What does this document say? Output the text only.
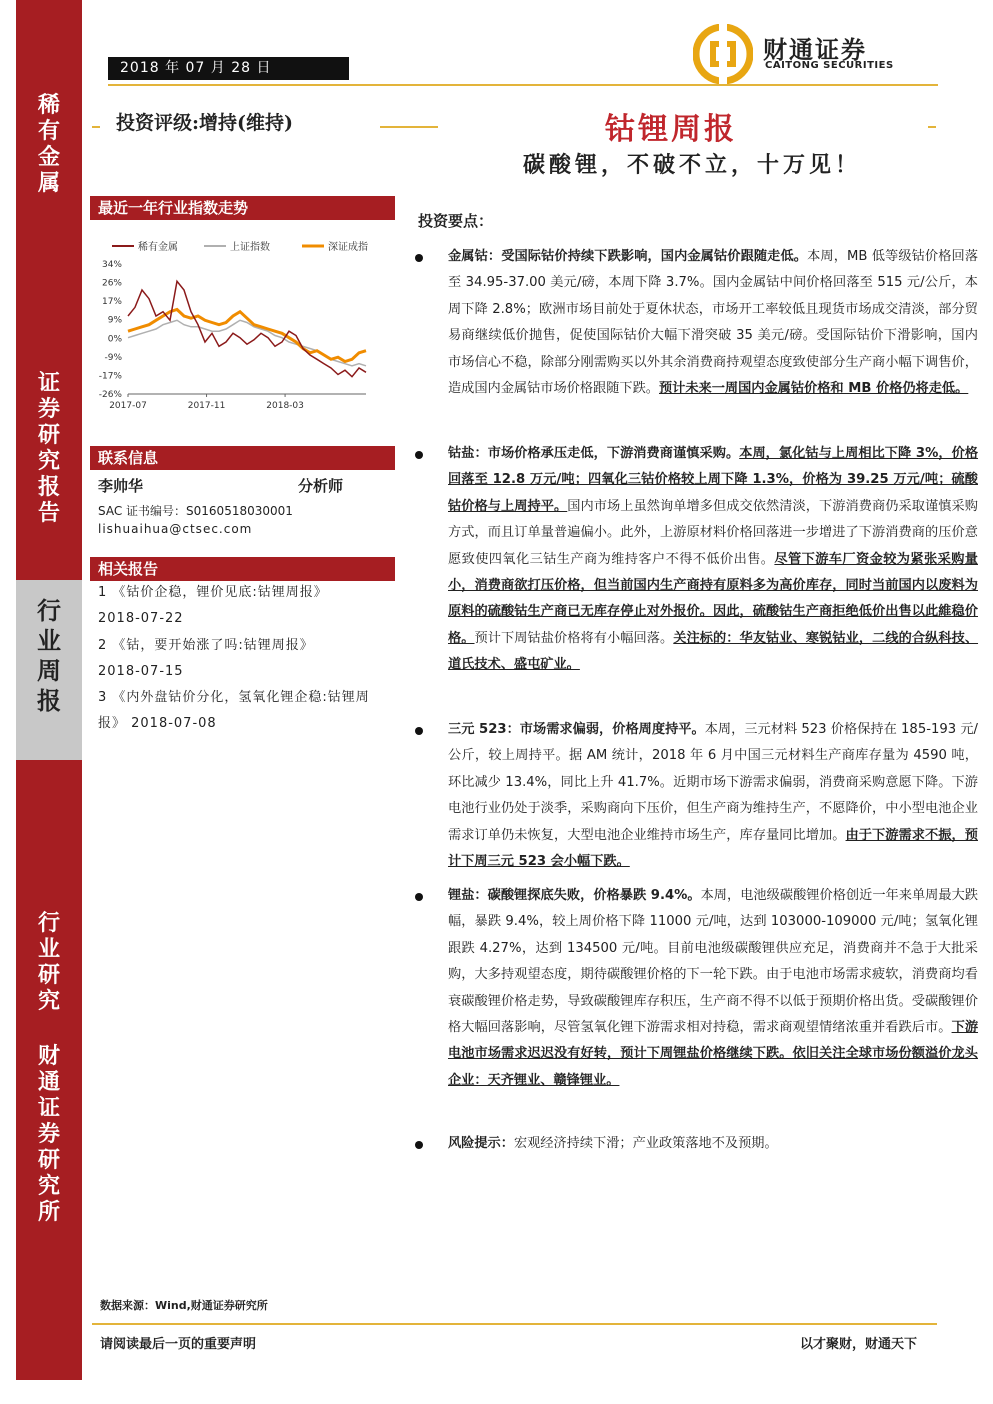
稀
有
金
属
证
券
研
究
报
告
行
业
周
报
行
业
研
究
财
通
证
券
研
究
所
2018 年 07 月 28 日
财通证券
CAITONG SECURITIES
投资评级:增持(维持)	钴锂周报
碳酸锂，不破不立，十万见！
最近一年行业指数走势
稀有金属	上证指数	深证成指
34%
26%
17%
9%
0%
-9%
-17%
-26%
2017-07	2017-11	2018-03
联系信息
李帅华	分析师
SAC 证书编号：S0160518030001
lishuaihua@ctsec.com
相关报告
1 《钴价企稳，锂价见底:钴锂周报》
2018-07-22
2 《钴，要开始涨了吗:钴锂周报》
2018-07-15
3 《内外盘钴价分化，氢氧化锂企稳:钴锂周
报》 2018-07-08
投资要点：
金属钴：受国际钴价持续下跌影响，国内金属钴价跟随走低。本周，MB 低等级钴价格回落至 34.95-37.00 美元/磅，本周下降 3.7%。国内金属钴中间价格回落至 515 元/公斤，本周下降 2.8%；欧洲市场目前处于夏休状态，市场开工率较低且现货市场成交清淡，部分贸易商继续低价抛售，促使国际钴价大幅下滑突破 35 美元/磅。受国际钴价下滑影响，国内市场信心不稳，除部分刚需购买以外其余消费商持观望态度致使部分生产商小幅下调售价，造成国内金属钴市场价格跟随下跌。预计未来一周国内金属钴价格和 MB 价格仍将走低。
钴盐：市场价格承压走低，下游消费商谨慎采购。本周，氯化钴与上周相比下降 3%，价格回落至 12.8 万元/吨；四氧化三钴价格较上周下降 1.3%，价格为 39.25 万元/吨；硫酸钴价格与上周持平。国内市场上虽然询单增多但成交依然清淡，下游消费商仍采取谨慎采购方式，而且订单量普遍偏小。此外，上游原材料价格回落进一步增进了下游消费商的压价意愿致使四氧化三钴生产商为维持客户不得不低价出售。尽管下游车厂资金较为紧张采购量小，消费商欲打压价格，但当前国内生产商持有原料多为高价库存，同时当前国内以废料为原料的硫酸钴生产商已无库存停止对外报价。因此，硫酸钴生产商拒绝低价出售以此維稳价格。预计下周钴盐价格将有小幅回落。关注标的：华友钴业、寒锐钴业，二线的合纵科技、道氏技术、盛屯矿业。
三元 523：市场需求偏弱，价格周度持平。本周，三元材料 523 价格保持在 185-193 元/公斤，较上周持平。据 AM 统计，2018 年 6 月中国三元材料生产商库存量为 4590 吨，环比减少 13.4%，同比上升 41.7%。近期市场下游需求偏弱，消费商采购意愿下降。下游电池行业仍处于淡季，采购商向下压价，但生产商为维持生产，不愿降价，中小型电池企业需求订单仍未恢复，大型电池企业维持市场生产，库存量同比增加。由于下游需求不振，预计下周三元 523 会小幅下跌。
锂盐：碳酸锂探底失败，价格暴跌 9.4%。本周，电池级碳酸锂价格创近一年来单周最大跌幅，暴跌 9.4%，较上周价格下降 11000 元/吨，达到 103000-109000 元/吨；氢氧化锂跟跌 4.27%，达到 134500 元/吨。目前电池级碳酸锂供应充足，消费商并不急于大批采购，大多持观望态度，期待碳酸锂价格的下一轮下跌。由于电池市场需求疲软，消费商均看衰碳酸锂价格走势，导致碳酸锂库存积压，生产商不得不以低于预期价格出货。受碳酸锂价格大幅回落影响，尽管氢氧化锂下游需求相对持稳，需求商观望情绪浓重并看跌后市。下游电池市场需求迟迟没有好转，预计下周锂盐价格继续下跌。依旧关注全球市场份额溢价龙头企业：天齐锂业、赣锋锂业。
风险提示：宏观经济持续下滑；产业政策落地不及预期。
数据来源：Wind,财通证券研究所
请阅读最后一页的重要声明	以才聚财，财通天下
